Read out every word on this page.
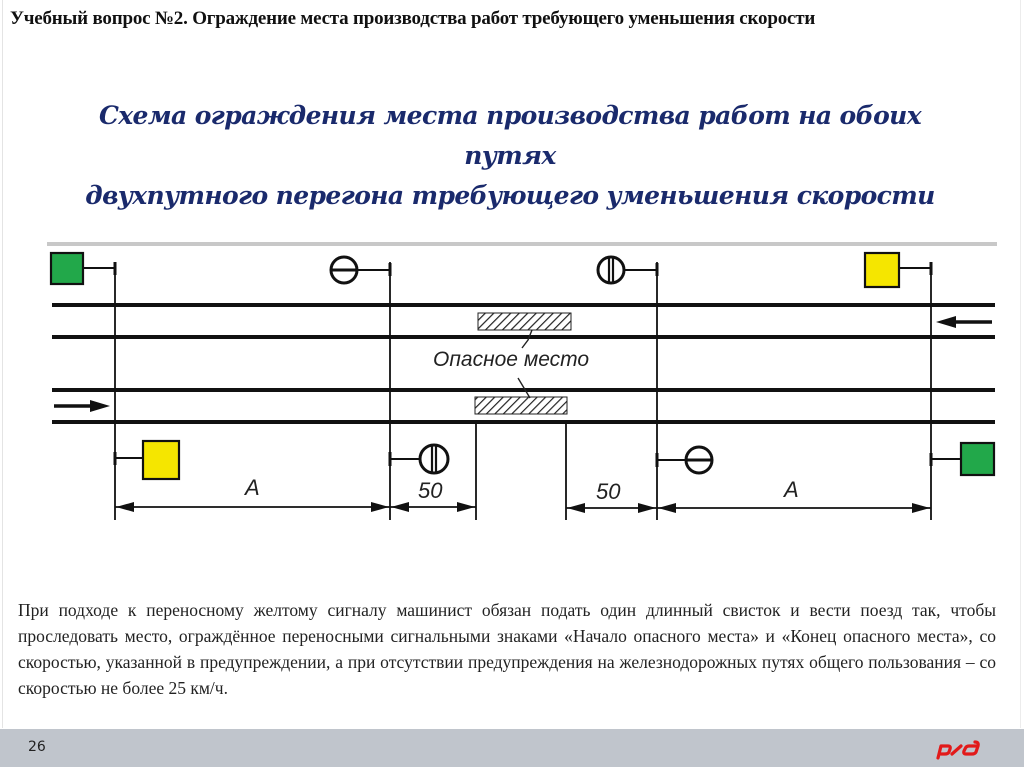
Учебный вопрос №2. Ограждение места производства работ требующего уменьшения скорости
Схема ограждения места производства работ на обоих путях
двухпутного перегона требующего уменьшения скорости
Опасное место
А	50	50	А
При подходе к переносному желтому сигналу машинист обязан подать один длинный свисток и вести поезд так, чтобы проследовать место, ограждённое переносными сигнальными знаками «Начало опасного места» и «Конец опасного места», со скоростью, указанной в предупреждении, а при отсутствии предупреждения на железнодорожных путях общего пользования – со скоростью не более 25 км/ч.
26
